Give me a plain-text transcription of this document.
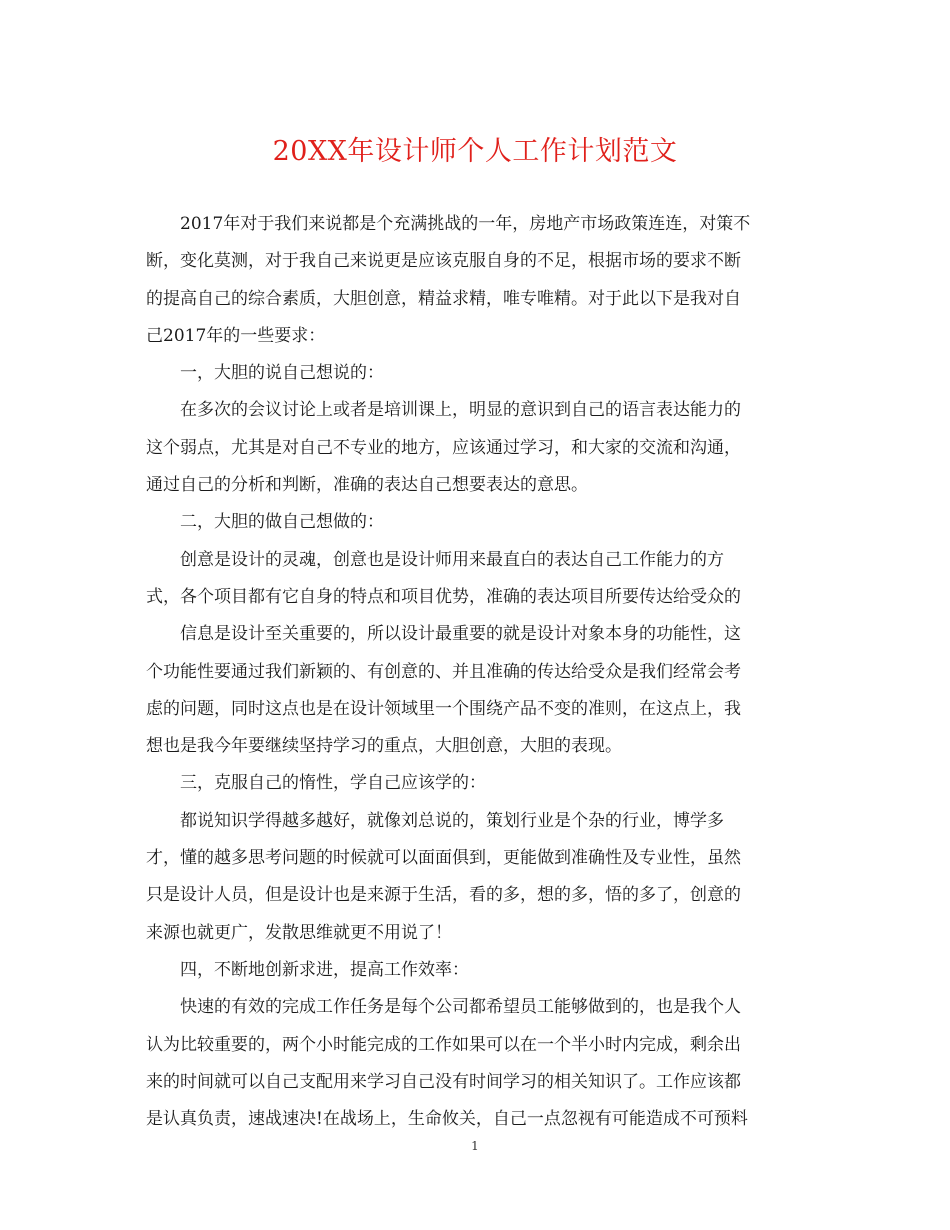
20XX年设计师个人工作计划范文
2017年对于我们来说都是个充满挑战的一年，房地产市场政策连连，对策不
断，变化莫测，对于我自己来说更是应该克服自身的不足，根据市场的要求不断
的提高自己的综合素质，大胆创意，精益求精，唯专唯精。对于此以下是我对自
己2017年的一些要求：
一，大胆的说自己想说的：
在多次的会议讨论上或者是培训课上，明显的意识到自己的语言表达能力的
这个弱点，尤其是对自己不专业的地方，应该通过学习，和大家的交流和沟通，
通过自己的分析和判断，准确的表达自己想要表达的意思。
二，大胆的做自己想做的：
创意是设计的灵魂，创意也是设计师用来最直白的表达自己工作能力的方
式，各个项目都有它自身的特点和项目优势，准确的表达项目所要传达给受众的
信息是设计至关重要的，所以设计最重要的就是设计对象本身的功能性，这
个功能性要通过我们新颖的、有创意的、并且准确的传达给受众是我们经常会考
虑的问题，同时这点也是在设计领域里一个围绕产品不变的准则，在这点上，我
想也是我今年要继续坚持学习的重点，大胆创意，大胆的表现。
三，克服自己的惰性，学自己应该学的：
都说知识学得越多越好，就像刘总说的，策划行业是个杂的行业，博学多
才，懂的越多思考问题的时候就可以面面俱到，更能做到准确性及专业性，虽然
只是设计人员，但是设计也是来源于生活，看的多，想的多，悟的多了，创意的
来源也就更广，发散思维就更不用说了！
四，不断地创新求进，提高工作效率：
快速的有效的完成工作任务是每个公司都希望员工能够做到的，也是我个人
认为比较重要的，两个小时能完成的工作如果可以在一个半小时内完成，剩余出
来的时间就可以自己支配用来学习自己没有时间学习的相关知识了。工作应该都
是认真负责，速战速决!在战场上，生命攸关，自己一点忽视有可能造成不可预料
1
